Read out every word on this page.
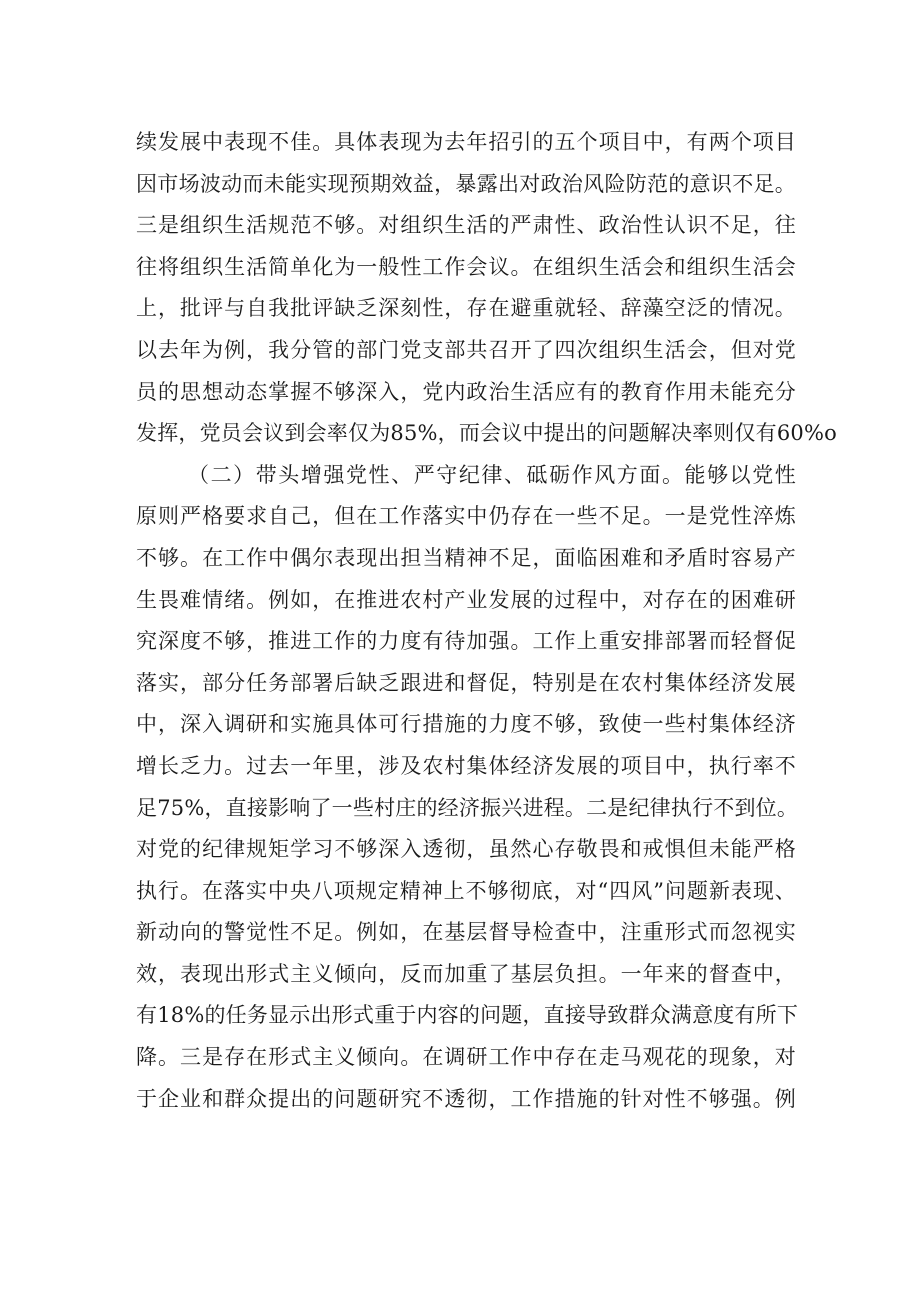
续发展中表现不佳。具体表现为去年招引的五个项目中，有两个项目
因市场波动而未能实现预期效益，暴露出对政治风险防范的意识不足。
三是组织生活规范不够。对组织生活的严肃性、政治性认识不足，往
往将组织生活简单化为一般性工作会议。在组织生活会和组织生活会
上，批评与自我批评缺乏深刻性，存在避重就轻、辞藻空泛的情况。
以去年为例，我分管的部门党支部共召开了四次组织生活会，但对党
员的思想动态掌握不够深入，党内政治生活应有的教育作用未能充分
发挥，党员会议到会率仅为85%，而会议中提出的问题解决率则仅有60%o
（二）带头增强党性、严守纪律、砥砺作风方面。能够以党性
原则严格要求自己，但在工作落实中仍存在一些不足。一是党性淬炼
不够。在工作中偶尔表现出担当精神不足，面临困难和矛盾时容易产
生畏难情绪。例如，在推进农村产业发展的过程中，对存在的困难研
究深度不够，推进工作的力度有待加强。工作上重安排部署而轻督促
落实，部分任务部署后缺乏跟进和督促，特别是在农村集体经济发展
中，深入调研和实施具体可行措施的力度不够，致使一些村集体经济
增长乏力。过去一年里，涉及农村集体经济发展的项目中，执行率不
足75%，直接影响了一些村庄的经济振兴进程。二是纪律执行不到位。
对党的纪律规矩学习不够深入透彻，虽然心存敬畏和戒惧但未能严格
执行。在落实中央八项规定精神上不够彻底，对“四风”问题新表现、
新动向的警觉性不足。例如，在基层督导检查中，注重形式而忽视实
效，表现出形式主义倾向，反而加重了基层负担。一年来的督查中，
有18%的任务显示出形式重于内容的问题，直接导致群众满意度有所下
降。三是存在形式主义倾向。在调研工作中存在走马观花的现象，对
于企业和群众提出的问题研究不透彻，工作措施的针对性不够强。例
